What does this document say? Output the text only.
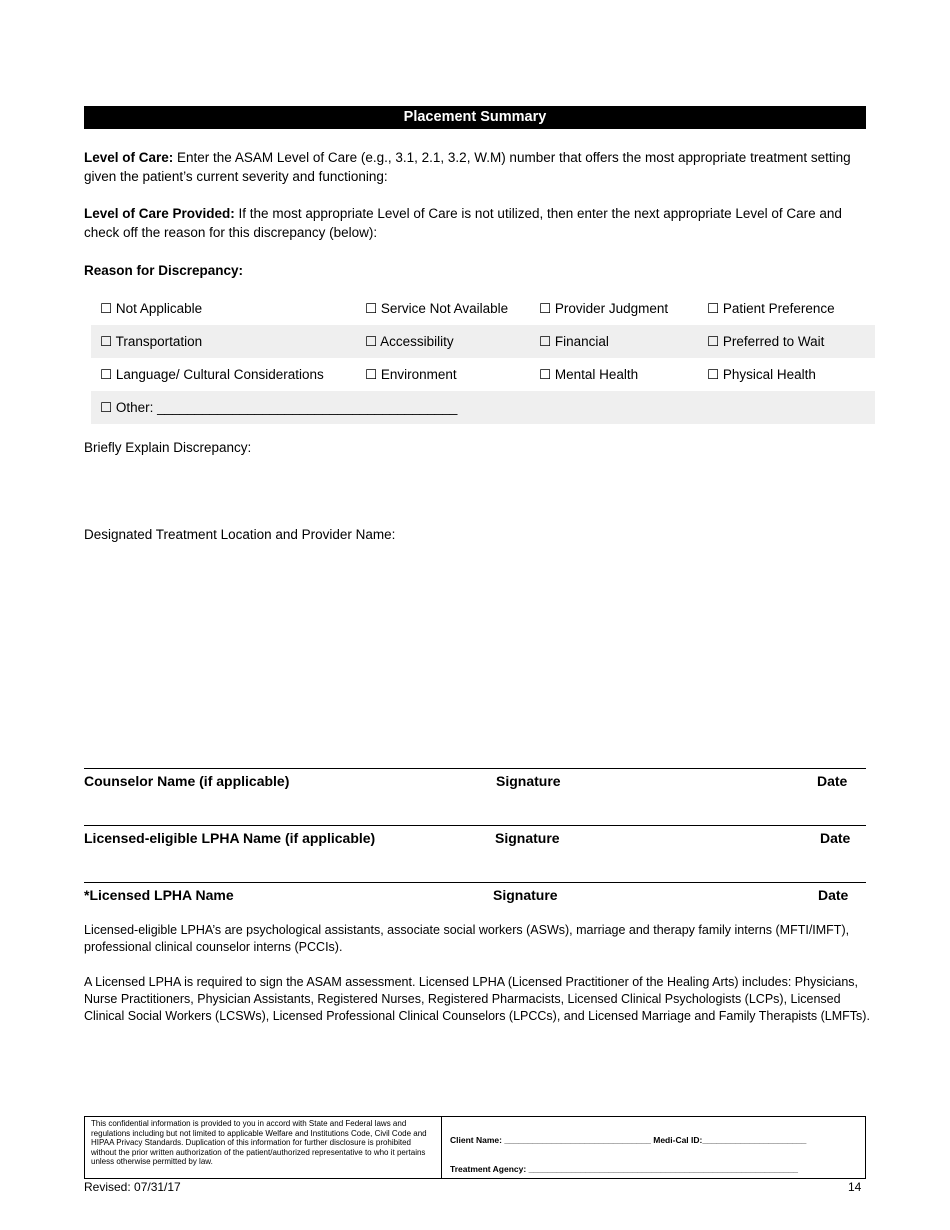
Placement Summary
Level of Care: Enter the ASAM Level of Care (e.g., 3.1, 2.1, 3.2, W.M) number that offers the most appropriate treatment setting given the patient’s current severity and functioning:
Level of Care Provided: If the most appropriate Level of Care is not utilized, then enter the next appropriate Level of Care and check off the reason for this discrepancy (below):
Reason for Discrepancy:
☐ Not Applicable	☐ Service Not Available	☐ Provider Judgment	☐ Patient Preference
☐ Transportation	☐ Accessibility	☐ Financial	☐ Preferred to Wait
☐ Language/ Cultural Considerations	☐ Environment	☐ Mental Health	☐ Physical Health
☐ Other: ________________________________________			
Briefly Explain Discrepancy:
Designated Treatment Location and Provider Name:
Counselor Name (if applicable)	Signature	Date
Licensed-eligible LPHA Name (if applicable)	Signature	Date
*Licensed LPHA Name	Signature	Date
Licensed-eligible LPHA’s are psychological assistants, associate social workers (ASWs), marriage and therapy family interns (MFTI/IMFT), professional clinical counselor interns (PCCIs).
A Licensed LPHA is required to sign the ASAM assessment. Licensed LPHA (Licensed Practitioner of the Healing Arts) includes: Physicians, Nurse Practitioners, Physician Assistants, Registered Nurses, Registered Pharmacists, Licensed Clinical Psychologists (LCPs), Licensed Clinical Social Workers (LCSWs), Licensed Professional Clinical Counselors (LPCCs), and Licensed Marriage and Family Therapists (LMFTs).
This confidential information is provided to you in accord with State and Federal laws and regulations including but not limited to applicable Welfare and Institutions Code, Civil Code and HIPAA Privacy Standards. Duplication of this information for further disclosure is prohibited without the prior written authorization of the patient/authorized representative to who it pertains unless otherwise permitted by law.
Client Name: _______________________________ Medi-Cal ID:______________________
Treatment Agency: _________________________________________________________
Revised: 07/31/17	14
